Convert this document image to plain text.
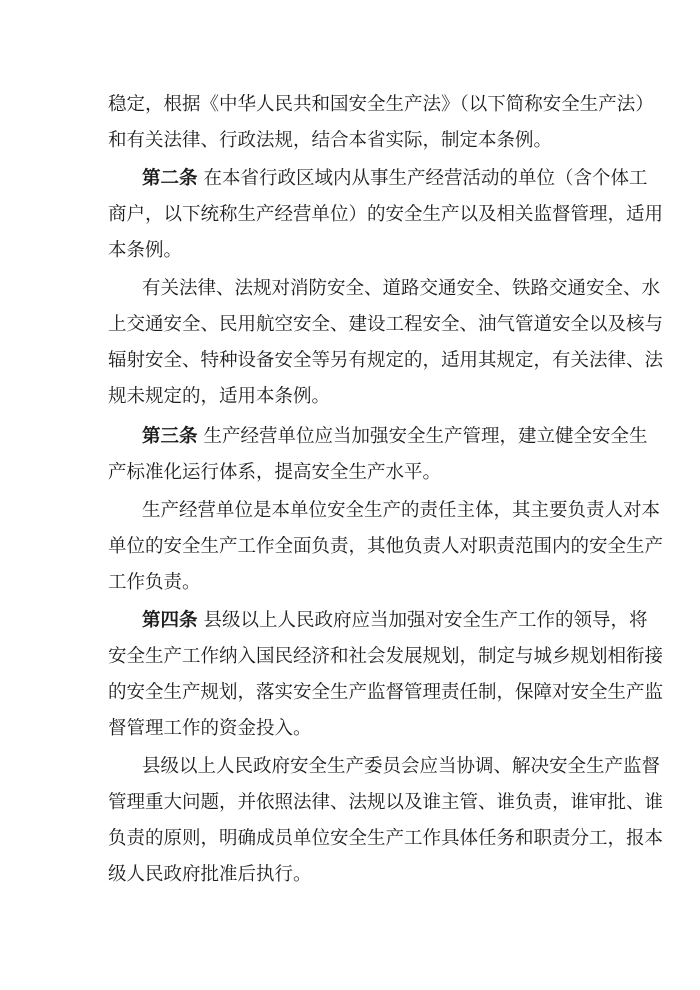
稳定，根据《中华人民共和国安全生产法》（以下简称安全生产法）
和有关法律、行政法规，结合本省实际，制定本条例。
第二条 在本省行政区域内从事生产经营活动的单位（含个体工
商户，以下统称生产经营单位）的安全生产以及相关监督管理，适用
本条例。
有关法律、法规对消防安全、道路交通安全、铁路交通安全、水
上交通安全、民用航空安全、建设工程安全、油气管道安全以及核与
辐射安全、特种设备安全等另有规定的，适用其规定，有关法律、法
规未规定的，适用本条例。
第三条 生产经营单位应当加强安全生产管理，建立健全安全生
产标准化运行体系，提高安全生产水平。
生产经营单位是本单位安全生产的责任主体，其主要负责人对本
单位的安全生产工作全面负责，其他负责人对职责范围内的安全生产
工作负责。
第四条 县级以上人民政府应当加强对安全生产工作的领导，将
安全生产工作纳入国民经济和社会发展规划，制定与城乡规划相衔接
的安全生产规划，落实安全生产监督管理责任制，保障对安全生产监
督管理工作的资金投入。
县级以上人民政府安全生产委员会应当协调、解决安全生产监督
管理重大问题，并依照法律、法规以及谁主管、谁负责，谁审批、谁
负责的原则，明确成员单位安全生产工作具体任务和职责分工，报本
级人民政府批准后执行。
